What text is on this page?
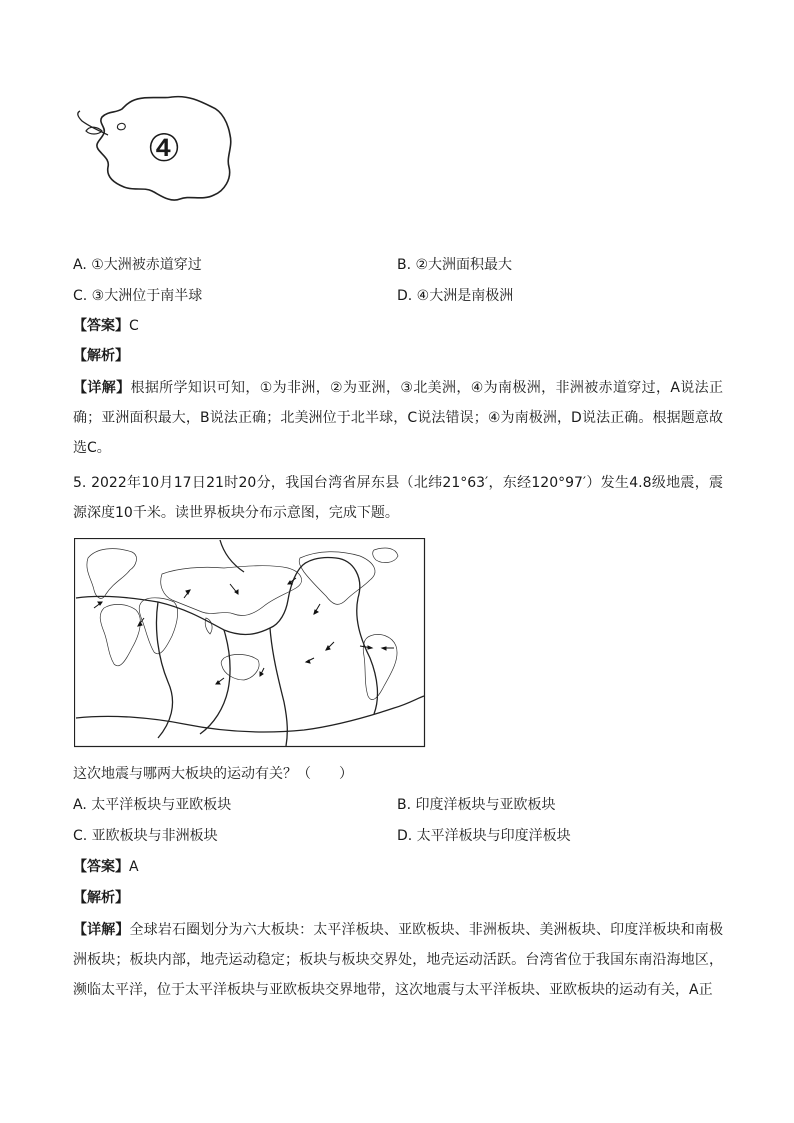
④
A. ①大洲被赤道穿过	B. ②大洲面积最大
C. ③大洲位于南半球	D. ④大洲是南极洲
【答案】C
【解析】
【详解】根据所学知识可知，①为非洲，②为亚洲，③北美洲，④为南极洲，非洲被赤道穿过，A说法正确；亚洲面积最大，B说法正确；北美洲位于北半球，C说法错误；④为南极洲，D说法正确。根据题意故选C。
5. 2022年10月17日21时20分，我国台湾省屏东县（北纬21°63′，东经120°97′）发生4.8级地震，震源深度10千米。读世界板块分布示意图，完成下题。
这次地震与哪两大板块的运动有关？（　　）
A. 太平洋板块与亚欧板块	B. 印度洋板块与亚欧板块
C. 亚欧板块与非洲板块	D. 太平洋板块与印度洋板块
【答案】A
【解析】
【详解】全球岩石圈划分为六大板块：太平洋板块、亚欧板块、非洲板块、美洲板块、印度洋板块和南极洲板块；板块内部，地壳运动稳定；板块与板块交界处，地壳运动活跃。台湾省位于我国东南沿海地区，濒临太平洋，位于太平洋板块与亚欧板块交界地带，这次地震与太平洋板块、亚欧板块的运动有关，A正
